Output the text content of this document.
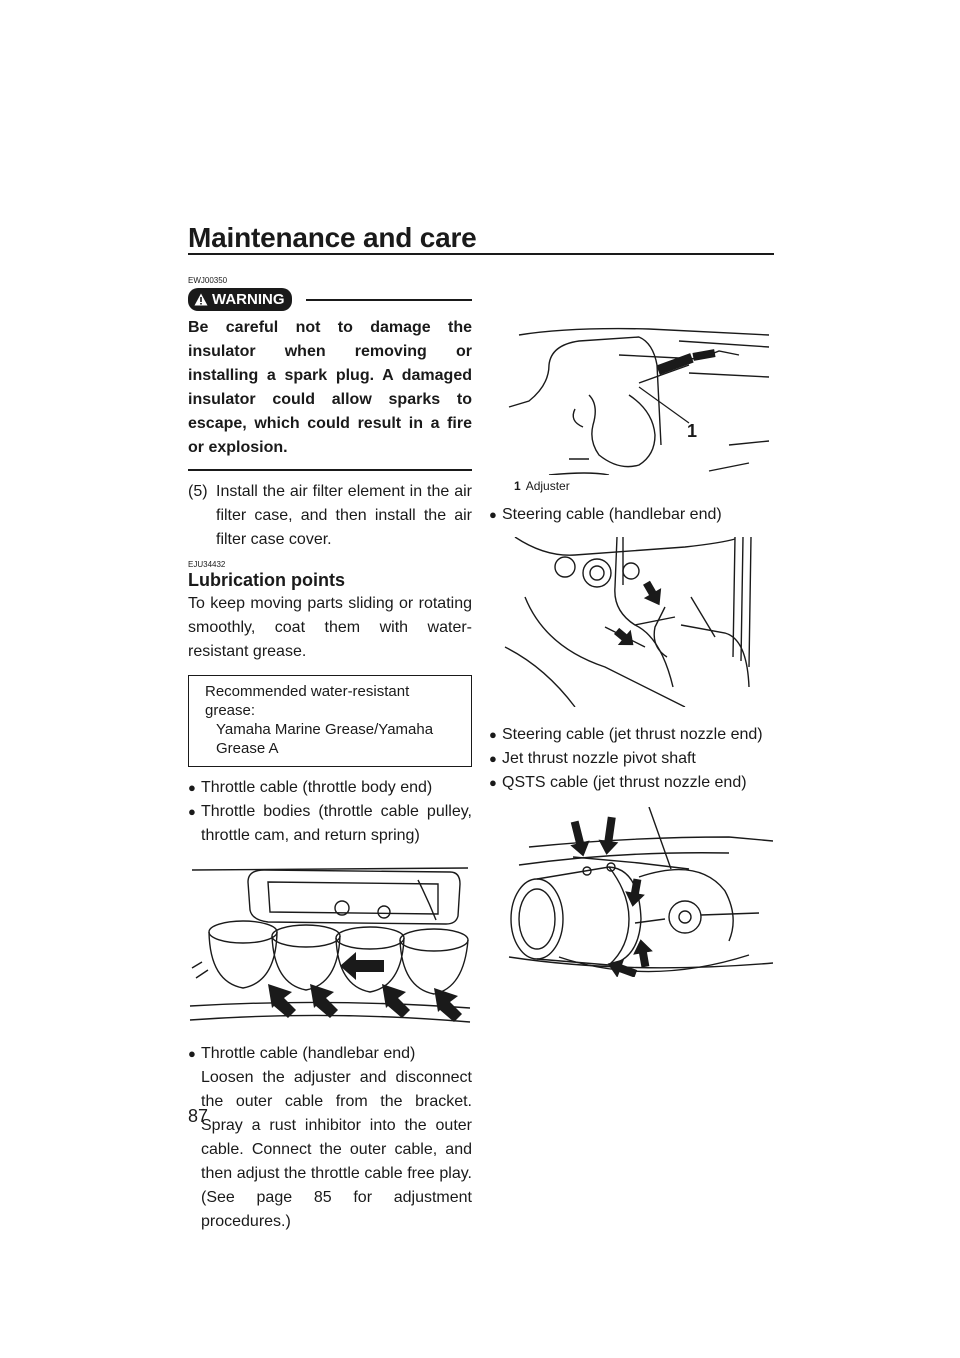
Maintenance and care
EWJ00350
WARNING
Be careful not to damage the insulator when removing or installing a spark plug. A damaged insulator could allow sparks to escape, which could result in a fire or explosion.
(5) Install the air filter element in the air filter case, and then install the air filter case cover.
EJU34432
Lubrication points
To keep moving parts sliding or rotating smoothly, coat them with water-resistant grease.
Recommended water-resistant grease:
Yamaha Marine Grease/Yamaha Grease A
● Throttle cable (throttle body end)
● Throttle bodies (throttle cable pulley, throttle cam, and return spring)
● Throttle cable (handlebar end)
Loosen the adjuster and disconnect the outer cable from the bracket. Spray a rust inhibitor into the outer cable. Connect the outer cable, and then adjust the throttle cable free play. (See page 85 for adjustment procedures.)
1
1 Adjuster
● Steering cable (handlebar end)
● Steering cable (jet thrust nozzle end)
● Jet thrust nozzle pivot shaft
● QSTS cable (jet thrust nozzle end)
87
